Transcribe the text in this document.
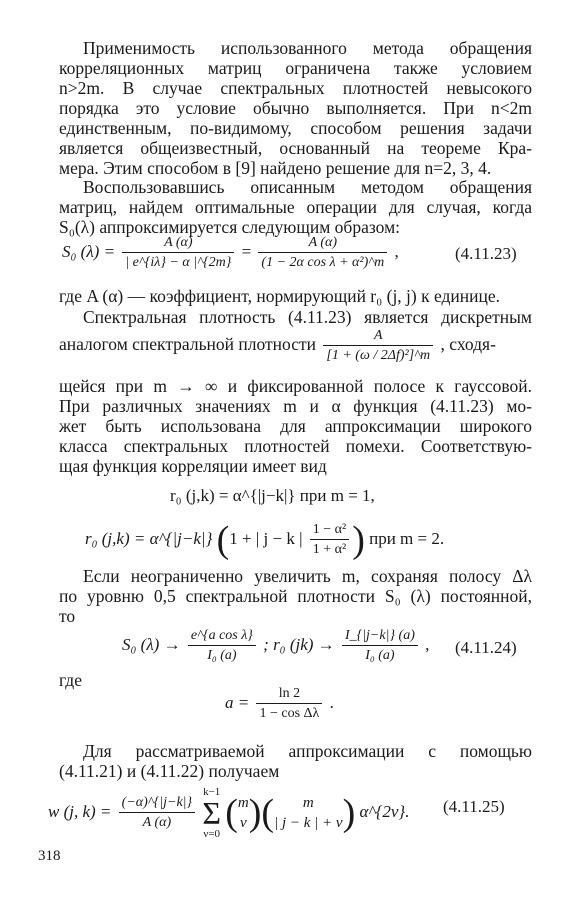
Применимость использованного метода обращения
корреляционных матриц ограничена также условием
n>2m. В случае спектральных плотностей невысокого
порядка это условие обычно выполняется. При n<2m
единственным, по-видимому, способом решения задачи
является общеизвестный, основанный на теореме Кра-
мера. Этим способом в [9] найдено решение для n=2, 3, 4.
Воспользовавшись описанным методом обращения
матриц, найдем оптимальные операции для случая, когда
S₀(λ) аппроксимируется следующим образом:
S₀ $(\lambda) = \frac{A (\alpha)}{| e\^{}\{i\lambda\} - \alpha |\^{}\{2m\}} = \frac{A (\alpha)}{\text{(1 − 2α cos λ + α²)\textasciicircum{}m}}$ ,	(4.11.23)
где A (α) — коэффициент, нормирующий r₀ (j, j) к единице.
Спектральная плотность (4.11.23) является дискретным
аналогом спектральной плотности $\frac{A}{\text{[1 + (ω / 2Δf)²]\textasciicircum{}m}}$ , сходя-
щейся при m → ∞ и фиксированной полосе к гауссовой.
При различных значениях m и α функция (4.11.23) мо-
жет быть использована для аппроксимации широкого
класса спектральных плотностей помехи. Соответствую-
щая функция корреляции имеет вид
r₀ (j,k) = α^{|j−k|} при m = 1,
r₀ (j,k) = α^{|j−k|} (1 + | j − k | $\frac{\text{1 − α²}}{\text{1 + α²}}$ ) при m = 2.
Если неограниченно увеличить m, сохраняя полосу Δλ
по уровню 0,5 спектральной плотности S₀ (λ) постоянной,
то
S₀ $(\lambda) \to \frac{\text{e\textasciicircum{}\{a cos λ\}}}{\text{I₀ (a)}}$ ; r₀ $(jk) \to \frac{I\_\{|j-k|\} (a)}{\text{I₀ (a)}}$ , (4.11.24)
где
$a = \frac{\ln 2}{\text{1 − cos Δλ}}$ .
Для рассматриваемой аппроксимации с помощью
(4.11.21) и (4.11.22) получаем
w (j, $k) = \frac{(-\alpha)\^{}\{|j-k|\}}{A (\alpha)}$
k−1
Σ
ν=0 ( m
ν )(	m
| j − k | + ν ) α^{2ν}. (4.11.25)
318
